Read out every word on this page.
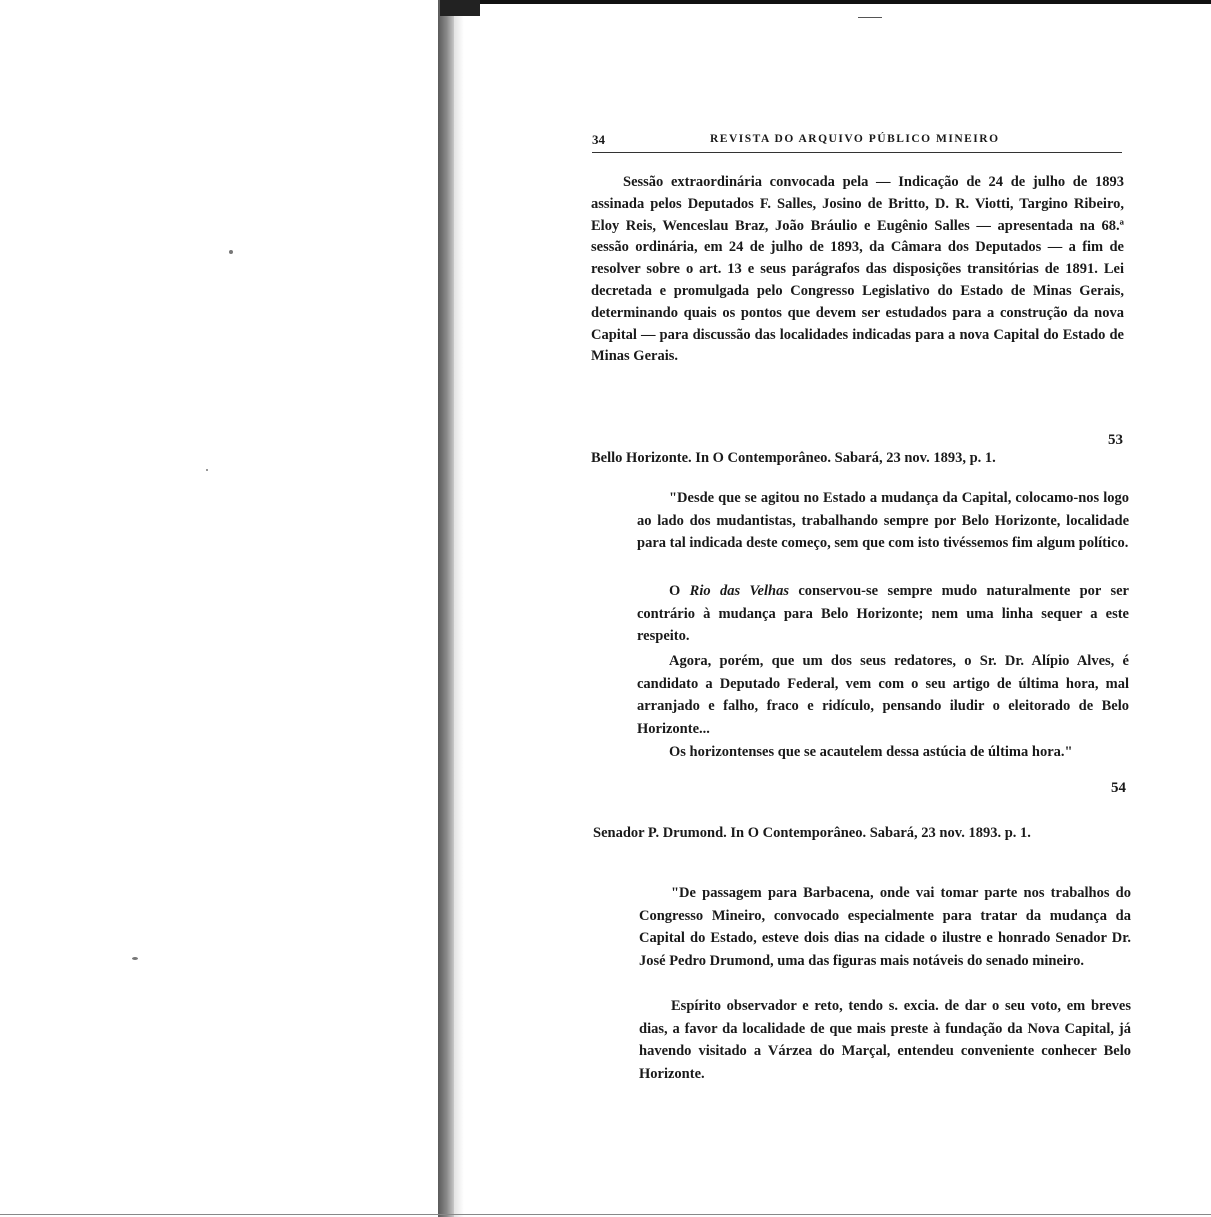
34	REVISTA DO ARQUIVO PÚBLICO MINEIRO

Sessão extraordinária convocada pela — Indicação de 24 de julho de 1893 assinada pelos Deputados F. Salles, Josino de Britto, D. R. Viotti, Targino Ribeiro, Eloy Reis, Wenceslau Braz, João Bráulio e Eugênio Salles — apresentada na 68.ª sessão ordinária, em 24 de julho de 1893, da Câmara dos Deputados — a fim de resolver sobre o art. 13 e seus parágrafos das disposições transitórias de 1891. Lei decretada e promulgada pelo Congresso Legislativo do Estado de Minas Gerais, determinando quais os pontos que devem ser estudados para a construção da nova Capital — para discussão das localidades indicadas para a nova Capital do Estado de Minas Gerais.

53

Bello Horizonte. In O Contemporâneo. Sabará, 23 nov. 1893, p. 1.

"Desde que se agitou no Estado a mudança da Capital, colocamo-nos logo ao lado dos mudantistas, trabalhando sempre por Belo Horizonte, localidade para tal indicada deste começo, sem que com isto tivéssemos fim algum político.

O Rio das Velhas conservou-se sempre mudo naturalmente por ser contrário à mudança para Belo Horizonte; nem uma linha sequer a este respeito.

Agora, porém, que um dos seus redatores, o Sr. Dr. Alípio Alves, é candidato a Deputado Federal, vem com o seu artigo de última hora, mal arranjado e falho, fraco e ridículo, pensando iludir o eleitorado de Belo Horizonte...

Os horizontenses que se acautelem dessa astúcia de última hora."

54

Senador P. Drumond. In O Contemporâneo. Sabará, 23 nov. 1893. p. 1.

"De passagem para Barbacena, onde vai tomar parte nos trabalhos do Congresso Mineiro, convocado especialmente para tratar da mudança da Capital do Estado, esteve dois dias na cidade o ilustre e honrado Senador Dr. José Pedro Drumond, uma das figuras mais notáveis do senado mineiro.

Espírito observador e reto, tendo s. excia. de dar o seu voto, em breves dias, a favor da localidade de que mais preste à fundação da Nova Capital, já havendo visitado a Várzea do Marçal, entendeu conveniente conhecer Belo Horizonte.
